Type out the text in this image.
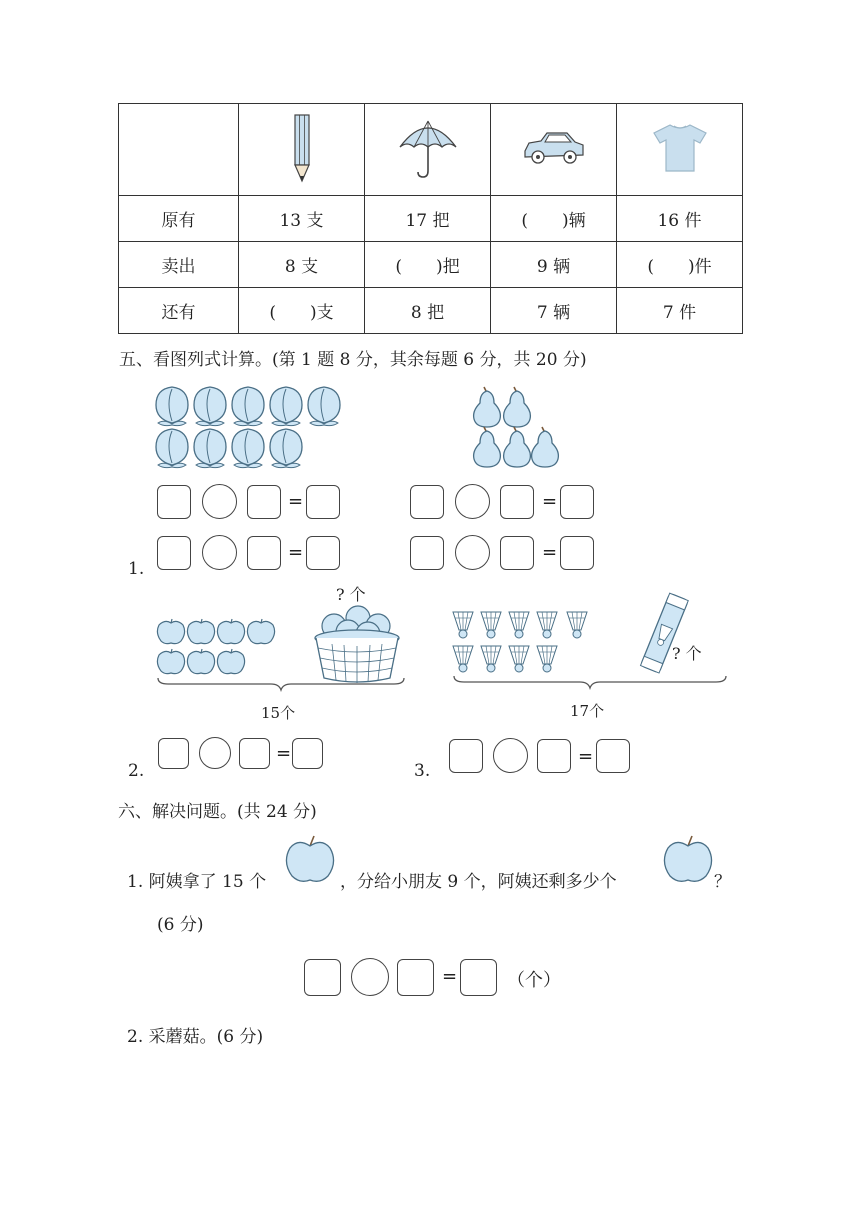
原有	13 支	17 把	(　　)辆	16 件
卖出	8 支	(　　)把	9 辆	(　　)件
还有	(　　)支	8 把	7 辆	7 件
五、看图列式计算。(第 1 题 8 分，其余每题 6 分，共 20 分)
1.
=	=
=	=
? 个
15个
? 个
17个
2.
=
3.
=
六、解决问题。(共 24 分)
1. 阿姨拿了 15 个	，分给小朋友 9 个，阿姨还剩多少个	？
(6 分)
=	（个）
2. 采蘑菇。(6 分)
